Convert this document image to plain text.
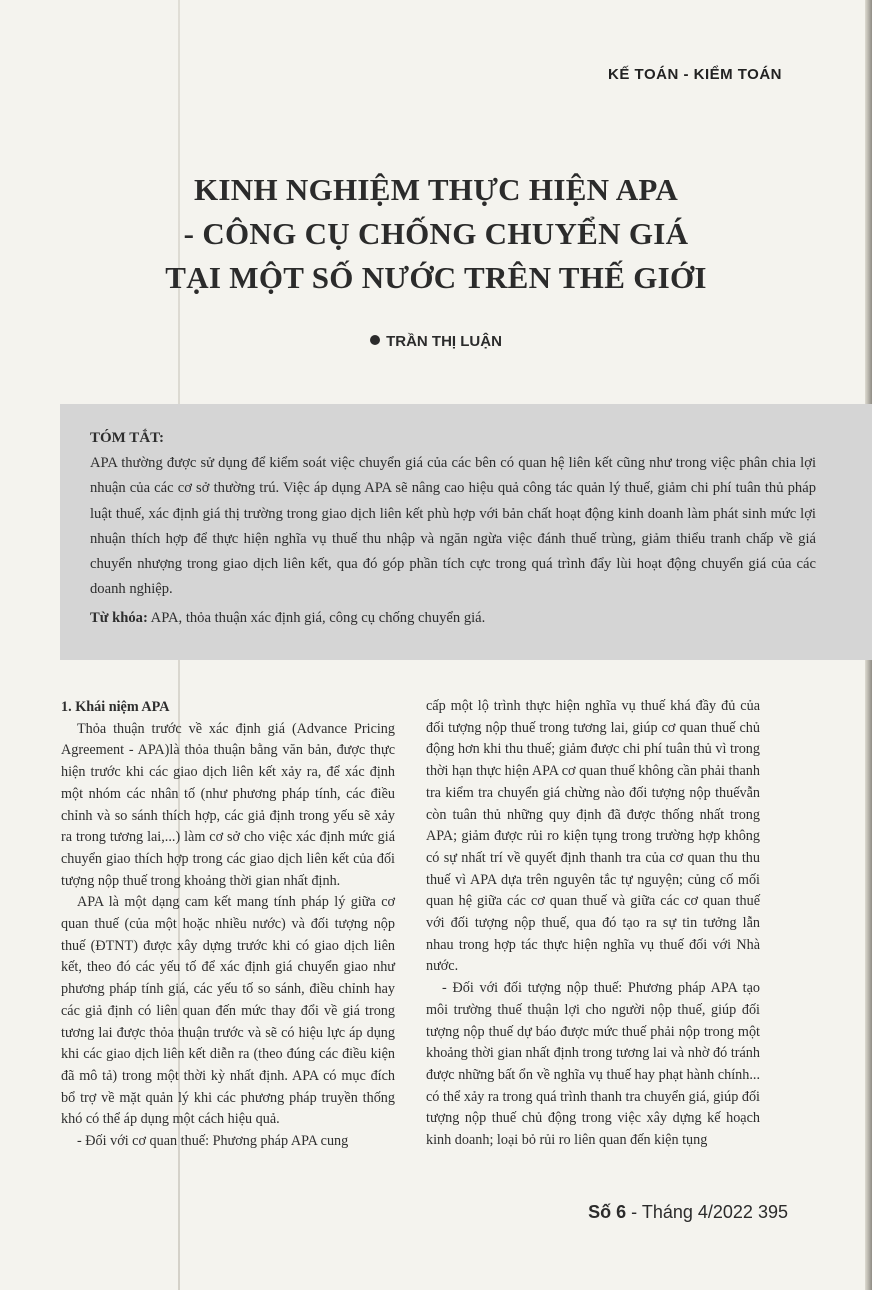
KẾ TOÁN - KIỂM TOÁN
KINH NGHIỆM THỰC HIỆN APA
- CÔNG CỤ CHỐNG CHUYỂN GIÁ
TẠI MỘT SỐ NƯỚC TRÊN THẾ GIỚI
TRẦN THỊ LUẬN
TÓM TẮT:

APA thường được sử dụng để kiểm soát việc chuyển giá của các bên có quan hệ liên kết cũng như trong việc phân chia lợi nhuận của các cơ sở thường trú. Việc áp dụng APA sẽ nâng cao hiệu quả công tác quản lý thuế, giảm chi phí tuân thủ pháp luật thuế, xác định giá thị trường trong giao dịch liên kết phù hợp với bản chất hoạt động kinh doanh làm phát sinh mức lợi nhuận thích hợp để thực hiện nghĩa vụ thuế thu nhập và ngăn ngừa việc đánh thuế trùng, giảm thiểu tranh chấp về giá chuyển nhượng trong giao dịch liên kết, qua đó góp phần tích cực trong quá trình đẩy lùi hoạt động chuyển giá của các doanh nghiệp.

Từ khóa: APA, thỏa thuận xác định giá, công cụ chống chuyển giá.

1. Khái niệm APA

Thỏa thuận trước về xác định giá (Advance Pricing Agreement - APA)là thỏa thuận bằng văn bản, được thực hiện trước khi các giao dịch liên kết xảy ra, để xác định một nhóm các nhân tố (như phương pháp tính, các điều chỉnh và so sánh thích hợp, các giả định trong yếu sẽ xảy ra trong tương lai,...) làm cơ sở cho việc xác định mức giá chuyển giao thích hợp trong các giao dịch liên kết của đối tượng nộp thuế trong khoảng thời gian nhất định.

APA là một dạng cam kết mang tính pháp lý giữa cơ quan thuế (của một hoặc nhiều nước) và đối tượng nộp thuế (ĐTNT) được xây dựng trước khi có giao dịch liên kết, theo đó các yếu tố để xác định giá chuyển giao như phương pháp tính giá, các yếu tố so sánh, điều chỉnh hay các giả định có liên quan đến mức thay đổi về giá trong tương lai được thỏa thuận trước và sẽ có hiệu lực áp dụng khi các giao dịch liên kết diễn ra (theo đúng các điều kiện đã mô tả) trong một thời kỳ nhất định. APA có mục đích bổ trợ về mặt quản lý khi các phương pháp truyền thống khó có thể áp dụng một cách hiệu quả.

- Đối với cơ quan thuế: Phương pháp APA cung

cấp một lộ trình thực hiện nghĩa vụ thuế khá đầy đủ của đối tượng nộp thuế trong tương lai, giúp cơ quan thuế chủ động hơn khi thu thuế; giảm được chi phí tuân thủ vì trong thời hạn thực hiện APA cơ quan thuế không cần phải thanh tra kiểm tra chuyển giá chừng nào đối tượng nộp thuếvẫn còn tuân thủ những quy định đã được thống nhất trong APA; giảm được rủi ro kiện tụng trong trường hợp không có sự nhất trí về quyết định thanh tra của cơ quan thu thu thuế vì APA dựa trên nguyên tắc tự nguyện; củng cố mối quan hệ giữa các cơ quan thuế và giữa các cơ quan thuế với đối tượng nộp thuế, qua đó tạo ra sự tin tưởng lẫn nhau trong hợp tác thực hiện nghĩa vụ thuế đối với Nhà nước.

- Đối với đối tượng nộp thuế: Phương pháp APA tạo môi trường thuế thuận lợi cho người nộp thuế, giúp đối tượng nộp thuế dự báo được mức thuế phải nộp trong một khoảng thời gian nhất định trong tương lai và nhờ đó tránh được những bất ổn về nghĩa vụ thuế hay phạt hành chính... có thể xảy ra trong quá trình thanh tra chuyển giá, giúp đối tượng nộp thuế chủ động trong việc xây dựng kế hoạch kinh doanh; loại bỏ rủi ro liên quan đến kiện tụng

Số 6 - Tháng 4/2022 395
